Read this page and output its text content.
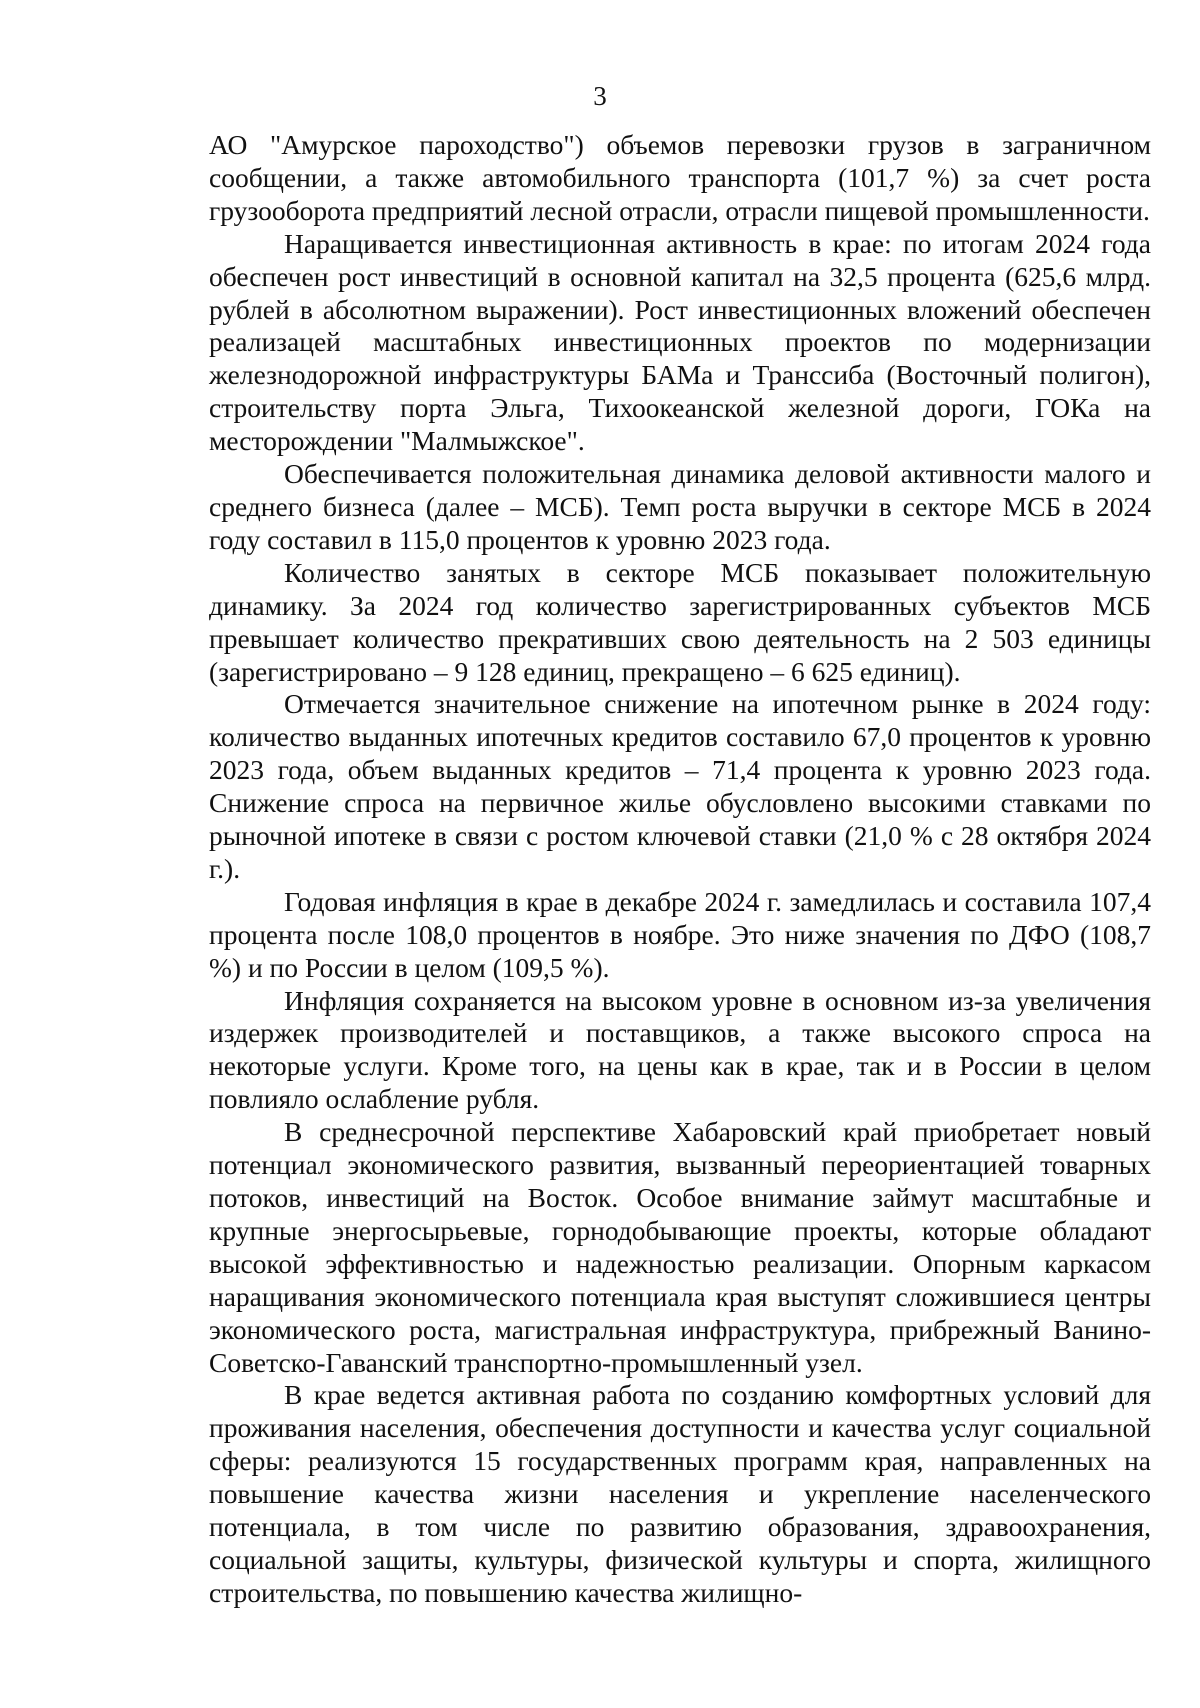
3

АО "Амурское пароходство") объемов перевозки грузов в заграничном сообщении, а также автомобильного транспорта (101,7 %) за счет роста грузооборота предприятий лесной отрасли, отрасли пищевой промышленности.

Наращивается инвестиционная активность в крае: по итогам 2024 года обеспечен рост инвестиций в основной капитал на 32,5 процента (625,6 млрд. рублей в абсолютном выражении). Рост инвестиционных вложений обеспечен реализацей масштабных инвестиционных проектов по модернизации железнодорожной инфраструктуры БАМа и Транссиба (Восточный полигон), строительству порта Эльга, Тихоокеанской железной дороги, ГОКа на месторождении "Малмыжское".

Обеспечивается положительная динамика деловой активности малого и среднего бизнеса (далее – МСБ). Темп роста выручки в секторе МСБ в 2024 году составил в 115,0 процентов к уровню 2023 года.

Количество занятых в секторе МСБ показывает положительную динамику. За 2024 год количество зарегистрированных субъектов МСБ превышает количество прекративших свою деятельность на 2 503 единицы (зарегистрировано – 9 128 единиц, прекращено – 6 625 единиц).

Отмечается значительное снижение на ипотечном рынке в 2024 году: количество выданных ипотечных кредитов составило 67,0 процентов к уровню 2023 года, объем выданных кредитов – 71,4 процента к уровню 2023 года. Снижение спроса на первичное жилье обусловлено высокими ставками по рыночной ипотеке в связи с ростом ключевой ставки (21,0 % с 28 октября 2024 г.).

Годовая инфляция в крае в декабре 2024 г. замедлилась и составила 107,4 процента после 108,0 процентов в ноябре. Это ниже значения по ДФО (108,7 %) и по России в целом (109,5 %).

Инфляция сохраняется на высоком уровне в основном из-за увеличения издержек производителей и поставщиков, а также высокого спроса на некоторые услуги. Кроме того, на цены как в крае, так и в России в целом повлияло ослабление рубля.

В среднесрочной перспективе Хабаровский край приобретает новый потенциал экономического развития, вызванный переориентацией товарных потоков, инвестиций на Восток. Особое внимание займут масштабные и крупные энергосырьевые, горнодобывающие проекты, которые обладают высокой эффективностью и надежностью реализации. Опорным каркасом наращивания экономического потенциала края выступят сложившиеся центры экономического роста, магистральная инфраструктура, прибрежный Ванино-Советско-Гаванский транспортно-промышленный узел.

В крае ведется активная работа по созданию комфортных условий для проживания населения, обеспечения доступности и качества услуг социальной сферы: реализуются 15 государственных программ края, направленных на повышение качества жизни населения и укрепление населенческого потенциала, в том числе по развитию образования, здравоохранения, социальной защиты, культуры, физической культуры и спорта, жилищного строительства, по повышению качества жилищно-
